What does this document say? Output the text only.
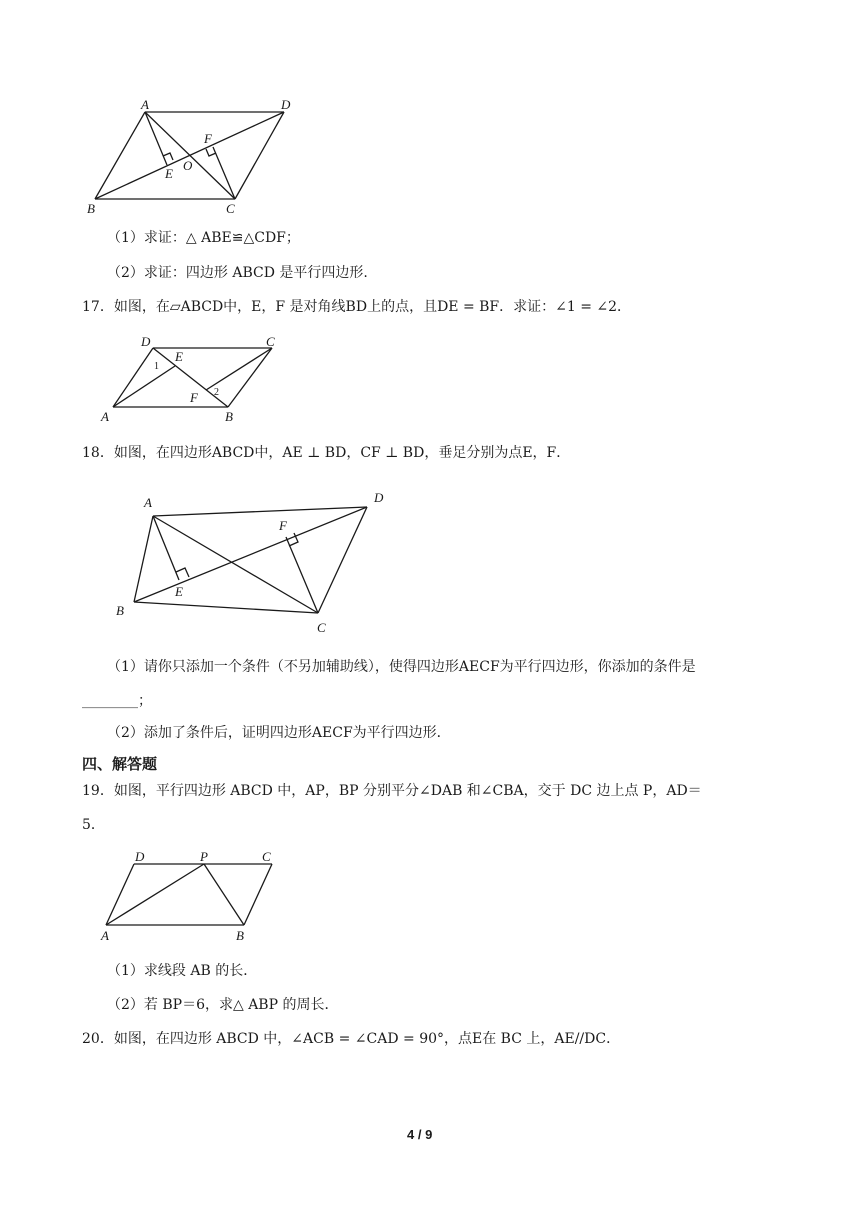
A	D
B	C
E
F
O
（1）求证：△ ABE≌△CDF；
（2）求证：四边形 ABCD 是平行四边形.
17．如图，在▱ABCD中，E，F 是对角线BD上的点，且DE = BF．求证：∠1 = ∠2．
D	C
A	B
E
F
1
2
18．如图，在四边形ABCD中，AE ⊥ BD，CF ⊥ BD，垂足分别为点E，F．
A	D
B
C
E
F
（1）请你只添加一个条件（不另加辅助线），使得四边形AECF为平行四边形，你添加的条件是
________；
（2）添加了条件后，证明四边形AECF为平行四边形．
四、解答题
19．如图，平行四边形 ABCD 中，AP，BP 分别平分∠DAB 和∠CBA，交于 DC 边上点 P，AD＝
5．
D	P	C
A	B
（1）求线段 AB 的长．
（2）若 BP＝6，求△ ABP 的周长．
20．如图，在四边形 ABCD 中，∠ACB = ∠CAD = 90°，点E在 BC 上，AE//DC．
4 / 9
